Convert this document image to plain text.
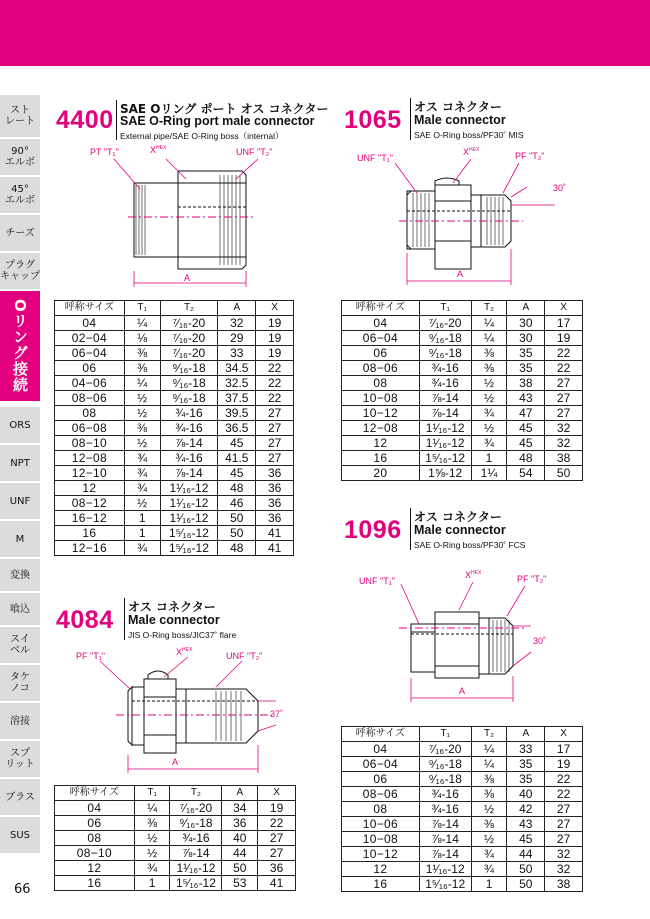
スト
レート
90°
エルボ
45°
エルボ
チーズ
プラグ
キャップ
Oリング接続
ORS
NPT
UNF
M
変換
喰込
スイ
ベル
タケ
ノコ
溶接
スプ
リット
ブラス
SUS
66
4400 SAE Oリング ポート オス コネクター
SAE O-Ring port male connector
External pipe/SAE O-Ring boss（internal）
PT "T₁"	$X^{HEX}$	UNF "T₂"
A
呼称サイズ	T₁	T₂	A	X
04	¼	⁷⁄₁₆-20	32	19
02−04	⅛	⁷⁄₁₆-20	29	19
06−04	⅜	⁷⁄₁₆-20	33	19
06	⅜	⁹⁄₁₆-18	34.5	22
04−06	¼	⁹⁄₁₆-18	32.5	22
08−06	½	⁹⁄₁₆-18	37.5	22
08	½	¾-16	39.5	27
06−08	⅜	¾-16	36.5	27
08−10	½	⅞-14	45	27
12−08	¾	¾-16	41.5	27
12−10	¾	⅞-14	45	36
12	¾	1¹⁄₁₆-12	48	36
08−12	½	1¹⁄₁₆-12	46	36
16−12	1	1¹⁄₁₆-12	50	36
16	1	1⁵⁄₁₆-12	50	41
12−16	¾	1⁵⁄₁₆-12	48	41
4084 オス コネクター
Male connector
JIS O-Ring boss/JIC37˚ flare
PF "T₁"	$X^{HEX}$
UNF "T₂"
37˚
A
呼称サイズ	T₁	T₂	A	X
04	¼	⁷⁄₁₆-20	34	19
06	⅜	⁹⁄₁₆-18	36	22
08	½	¾-16	40	27
08−10	½	⅞-14	44	27
12	¾	1¹⁄₁₆-12	50	36
16	1	1⁵⁄₁₆-12	53	41
1065 オス コネクター
Male connector
SAE O-Ring boss/PF30˚ MIS
UNF "T₁"
$X^{HEX}$
PF "T₂"
30˚
A
呼称サイズ	T₁	T₂	A	X
04	⁷⁄₁₆-20	¼	30	17
06−04	⁹⁄₁₆-18	¼	30	19
06	⁹⁄₁₆-18	⅜	35	22
08−06	¾-16	⅜	35	22
08	¾-16	½	38	27
10−08	⅞-14	½	43	27
10−12	⅞-14	¾	47	27
12−08	1¹⁄₁₆-12	½	45	32
12	1¹⁄₁₆-12	¾	45	32
16	1⁵⁄₁₆-12	1	48	38
20	1⅝-12	1¼	54	50
1096 オス コネクター
Male connector
SAE O-Ring boss/PF30˚ FCS
UNF "T₁"
$X^{HEX}$
PF "T₂"
30˚
A
呼称サイズ	T₁	T₂	A	X
04	⁷⁄₁₆-20	¼	33	17
06−04	⁹⁄₁₆-18	¼	35	19
06	⁹⁄₁₆-18	⅜	35	22
08−06	¾-16	⅜	40	22
08	¾-16	½	42	27
10−06	⅞-14	⅜	43	27
10−08	⅞-14	½	45	27
10−12	⅞-14	¾	44	32
12	1¹⁄₁₆-12	¾	50	32
16	1⁵⁄₁₆-12	1	50	38
